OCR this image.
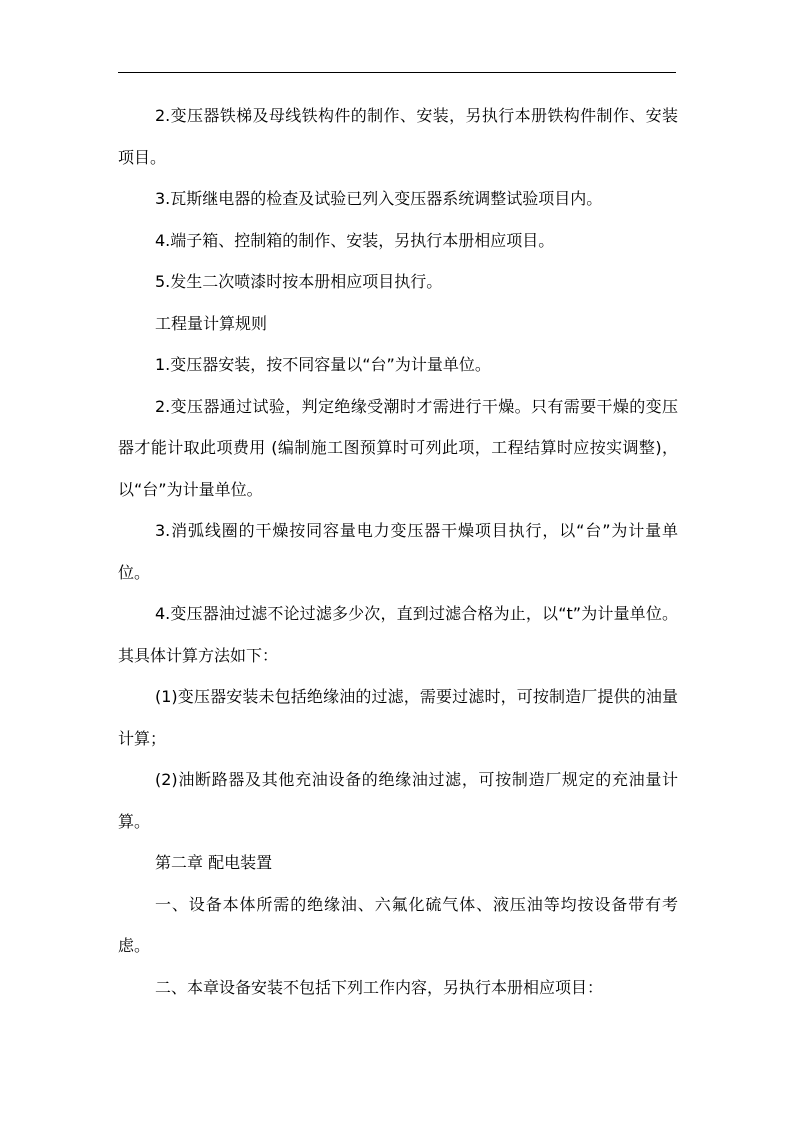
2.变压器铁梯及母线铁构件的制作、安装，另执行本册铁构件制作、安装项目。

3.瓦斯继电器的检查及试验已列入变压器系统调整试验项目内。

4.端子箱、控制箱的制作、安装，另执行本册相应项目。

5.发生二次喷漆时按本册相应项目执行。

工程量计算规则

1.变压器安装，按不同容量以“台”为计量单位。

2.变压器通过试验，判定绝缘受潮时才需进行干燥。只有需要干燥的变压器才能计取此项费用 (编制施工图预算时可列此项，工程结算时应按实调整)，以“台”为计量单位。

3.消弧线圈的干燥按同容量电力变压器干燥项目执行，以“台”为计量单位。

4.变压器油过滤不论过滤多少次，直到过滤合格为止，以“t”为计量单位。其具体计算方法如下：

(1)变压器安装未包括绝缘油的过滤，需要过滤时，可按制造厂提供的油量计算；

(2)油断路器及其他充油设备的绝缘油过滤，可按制造厂规定的充油量计算。

第二章 配电装置

一、设备本体所需的绝缘油、六氟化硫气体、液压油等均按设备带有考虑。

二、本章设备安装不包括下列工作内容，另执行本册相应项目：
